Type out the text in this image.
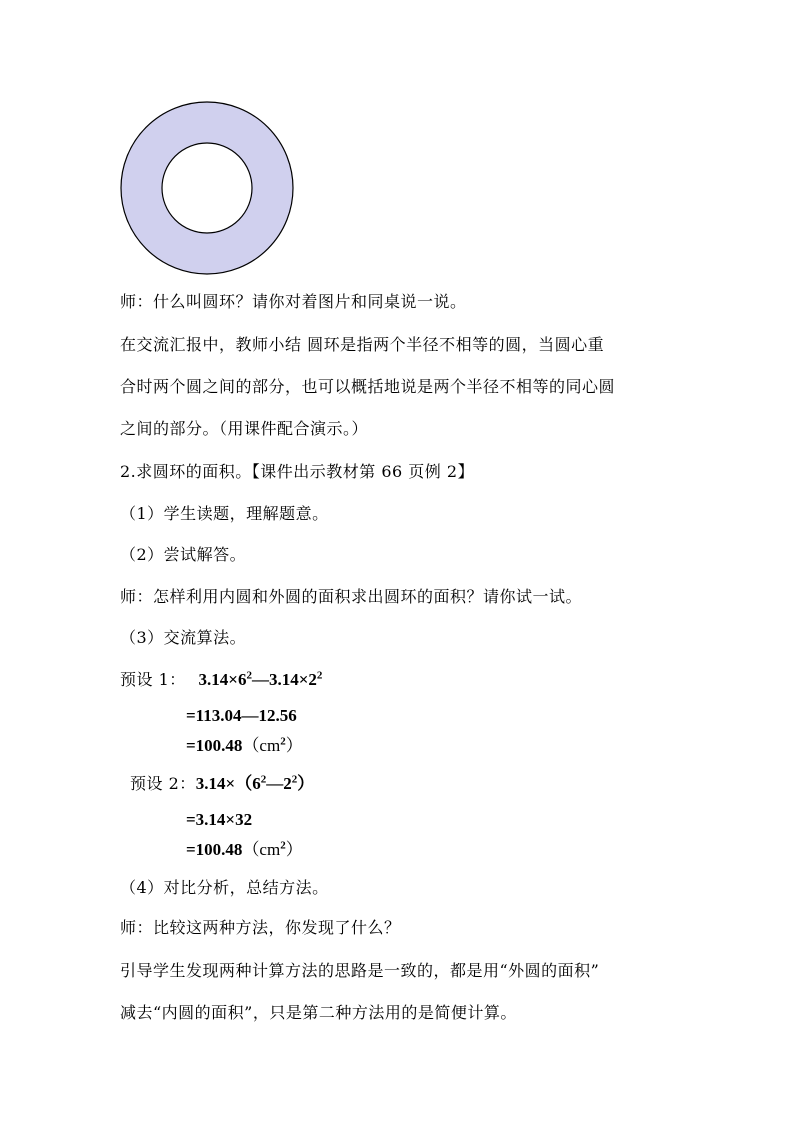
师：什么叫圆环？请你对着图片和同桌说一说。
在交流汇报中，教师小结 圆环是指两个半径不相等的圆，当圆心重
合时两个圆之间的部分，也可以概括地说是两个半径不相等的同心圆
之间的部分。（用课件配合演示。）
2.求圆环的面积。【课件出示教材第 66 页例 2】
（1）学生读题，理解题意。
（2）尝试解答。
师：怎样利用内圆和外圆的面积求出圆环的面积？请你试一试。
（3）交流算法。
预设 1： $3.14\times 6^2—3.14\times 2^2$
=113.04—12.56
$=100.48(cm^2)$
预设 2：$3.14\times(6^2—2^2)$
=3.14×32
$=100.48(cm^2)$
（4）对比分析，总结方法。
师：比较这两种方法，你发现了什么？
引导学生发现两种计算方法的思路是一致的，都是用“外圆的面积”
减去“内圆的面积”，只是第二种方法用的是简便计算。
